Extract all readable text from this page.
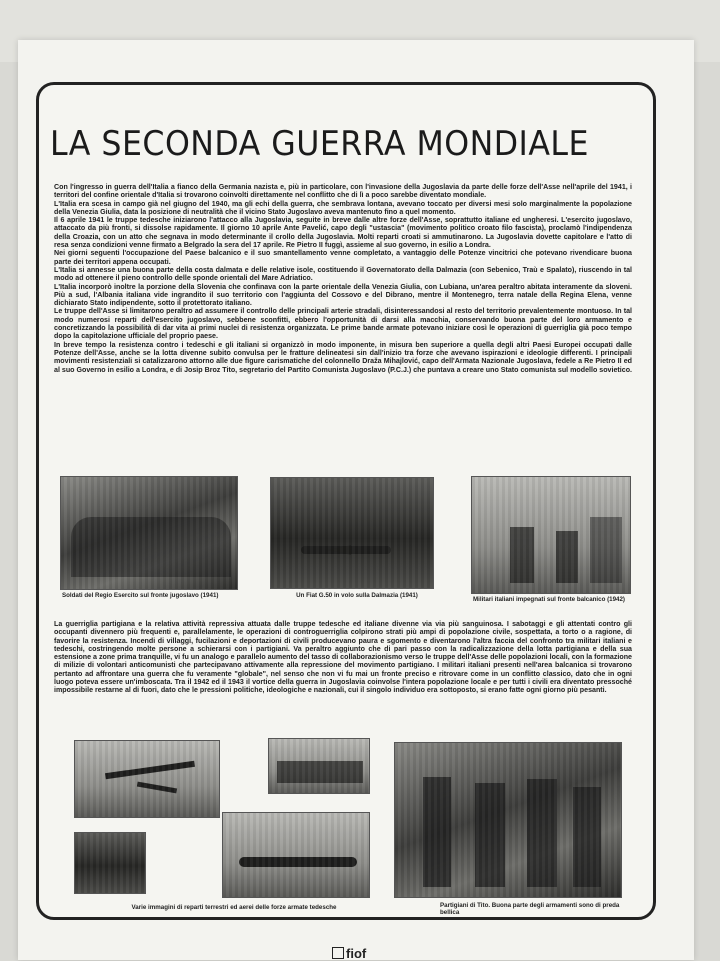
LA SECONDA GUERRA MONDIALE

Con l'ingresso in guerra dell'Italia a fianco della Germania nazista e, più in particolare, con l'invasione della Jugoslavia da parte delle forze dell'Asse nell'aprile del 1941, i territori del confine orientale d'Italia si trovarono coinvolti direttamente nel conflitto che di lì a poco sarebbe diventato mondiale.

L'Italia era scesa in campo già nel giugno del 1940, ma gli echi della guerra, che sembrava lontana, avevano toccato per diversi mesi solo marginalmente la popolazione della Venezia Giulia, data la posizione di neutralità che il vicino Stato Jugoslavo aveva mantenuto fino a quel momento.

Il 6 aprile 1941 le truppe tedesche iniziarono l'attacco alla Jugoslavia, seguite in breve dalle altre forze dell'Asse, soprattutto italiane ed ungheresi. L'esercito jugoslavo, attaccato da più fronti, si dissolse rapidamente. Il giorno 10 aprile Ante Pavelić, capo degli "ustascia" (movimento politico croato filo fascista), proclamò l'indipendenza della Croazia, con un atto che segnava in modo determinante il crollo della Jugoslavia. Molti reparti croati si ammutinarono. La Jugoslavia dovette capitolare e l'atto di resa senza condizioni venne firmato a Belgrado la sera del 17 aprile. Re Pietro II fuggì, assieme al suo governo, in esilio a Londra.

Nei giorni seguenti l'occupazione del Paese balcanico e il suo smantellamento venne completato, a vantaggio delle Potenze vincitrici che potevano rivendicare buona parte dei territori appena occupati.

L'Italia si annesse una buona parte della costa dalmata e delle relative isole, costituendo il Governatorato della Dalmazia (con Sebenico, Traù e Spalato), riuscendo in tal modo ad ottenere il pieno controllo delle sponde orientali del Mare Adriatico.

L'Italia incorporò inoltre la porzione della Slovenia che confinava con la parte orientale della Venezia Giulia, con Lubiana, un'area peraltro abitata interamente da sloveni. Più a sud, l'Albania italiana vide ingrandito il suo territorio con l'aggiunta del Cossovo e del Dibrano, mentre il Montenegro, terra natale della Regina Elena, venne dichiarato Stato indipendente, sotto il protettorato italiano.

Le truppe dell'Asse si limitarono peraltro ad assumere il controllo delle principali arterie stradali, disinteressandosi al resto del territorio prevalentemente montuoso. In tal modo numerosi reparti dell'esercito jugoslavo, sebbene sconfitti, ebbero l'opportunità di darsi alla macchia, conservando buona parte del loro armamento e concretizzando la possibilità di dar vita ai primi nuclei di resistenza organizzata. Le prime bande armate potevano iniziare così le operazioni di guerriglia già poco tempo dopo la capitolazione ufficiale del proprio paese.

In breve tempo la resistenza contro i tedeschi e gli italiani si organizzò in modo imponente, in misura ben superiore a quella degli altri Paesi Europei occupati dalle Potenze dell'Asse, anche se la lotta divenne subito convulsa per le fratture delineatesi sin dall'inizio tra forze che avevano ispirazioni e ideologie differenti. I principali movimenti resistenziali si catalizzarono attorno alle due figure carismatiche del colonnello Draža Mihajlović, capo dell'Armata Nazionale Jugoslava, fedele a Re Pietro II ed al suo Governo in esilio a Londra, e di Josip Broz Tito, segretario del Partito Comunista Jugoslavo (P.C.J.) che puntava a creare uno Stato comunista sul modello sovietico.

Soldati del Regio Esercito sul fronte jugoslavo (1941)	Un Fiat G.50 in volo sulla Dalmazia (1941)
Militari italiani impegnati sul fronte balcanico (1942)

La guerriglia partigiana e la relativa attività repressiva attuata dalle truppe tedesche ed italiane divenne via via più sanguinosa. I sabotaggi e gli attentati contro gli occupanti divennero più frequenti e, parallelamente, le operazioni di controguerriglia colpirono strati più ampi di popolazione civile, sospettata, a torto o a ragione, di favorire la resistenza. Incendi di villaggi, fucilazioni e deportazioni di civili producevano paura e sgomento e diventarono l'altra faccia del confronto tra militari italiani e tedeschi, costringendo molte persone a schierarsi con i partigiani. Va peraltro aggiunto che di pari passo con la radicalizzazione della lotta partigiana e della sua estensione a zone prima tranquille, vi fu un analogo e parallelo aumento del tasso di collaborazionismo verso le truppe dell'Asse delle popolazioni locali, con la formazione di milizie di volontari anticomunisti che partecipavano attivamente alla repressione del movimento partigiano. I militari italiani presenti nell'area balcanica si trovarono pertanto ad affrontare una guerra che fu veramente "globale", nel senso che non vi fu mai un fronte preciso e ritrovare come in un conflitto classico, dato che in ogni luogo poteva essere un'imboscata. Tra il 1942 ed il 1943 il vortice della guerra in Jugoslavia coinvolse l'intera popolazione locale e per tutti i civili era diventato pressoché impossibile restarne al di fuori, dato che le pressioni politiche, ideologiche e nazionali, cui il singolo individuo era sottoposto, si erano fatte ogni giorno più pesanti.

Varie immagini di reparti terrestri ed aerei delle forze armate tedesche	Partigiani di Tito. Buona parte degli armamenti sono di preda bellica
fiof
